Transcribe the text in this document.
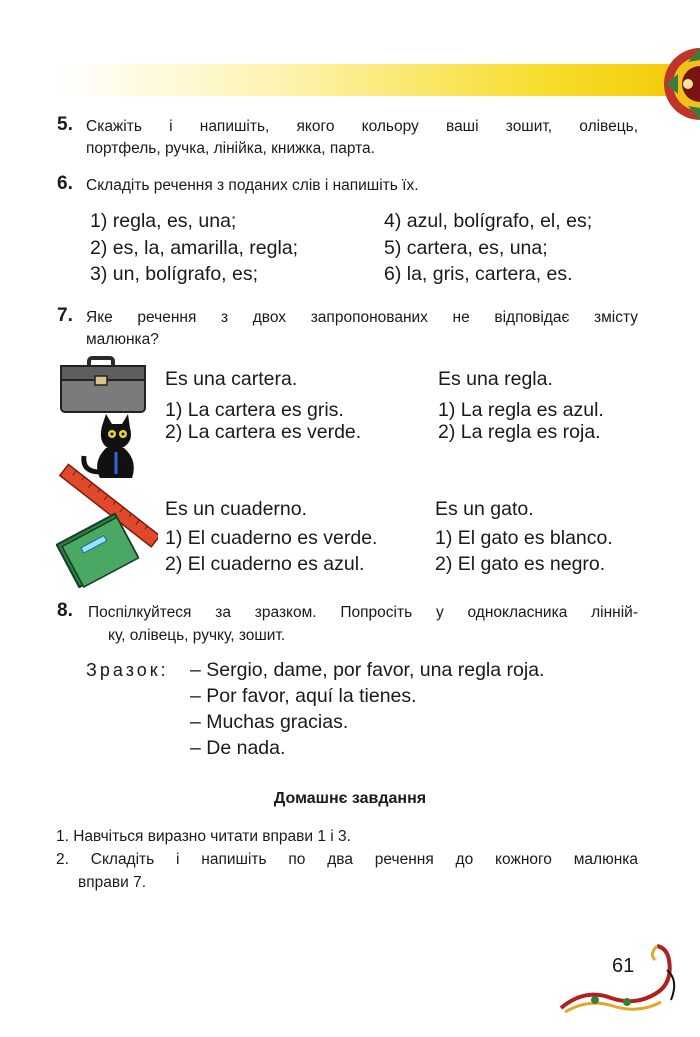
5. Скажіть і напишіть, якого кольору ваші зошит, олівець,
портфель, ручка, лінійка, книжка, парта.
6. Складіть речення з поданих слів і напишіть їх.
1) regla, es, una;
2) es, la, amarilla, regla;
3) un, bolígrafo, es;
4) azul, bolígrafo, el, es;
5) cartera, es, una;
6) la, gris, cartera, es.
7. Яке речення з двох запропонованих не відповідає змісту
малюнка?
Es una cartera.
1) La cartera es gris.
2) La cartera es verde.
Es una regla.
1) La regla es azul.
2) La regla es roja.
Es un cuaderno.
1) El cuaderno es verde.
2) El cuaderno es azul.
Es un gato.
1) El gato es blanco.
2) El gato es negro.
8. Поспілкуйтеся за зразком. Попросіть у однокласника лінній-
ку, олівець, ручку, зошит.
Зразок: – Sergio, dame, por favor, una regla roja.
– Por favor, aquí la tienes.
– Muchas gracias.
– De nada.
Домашнє завдання
1. Навчіться виразно читати вправи 1 і 3.
2. Складіть і напишіть по два речення до кожного малюнка
вправи 7.
61
